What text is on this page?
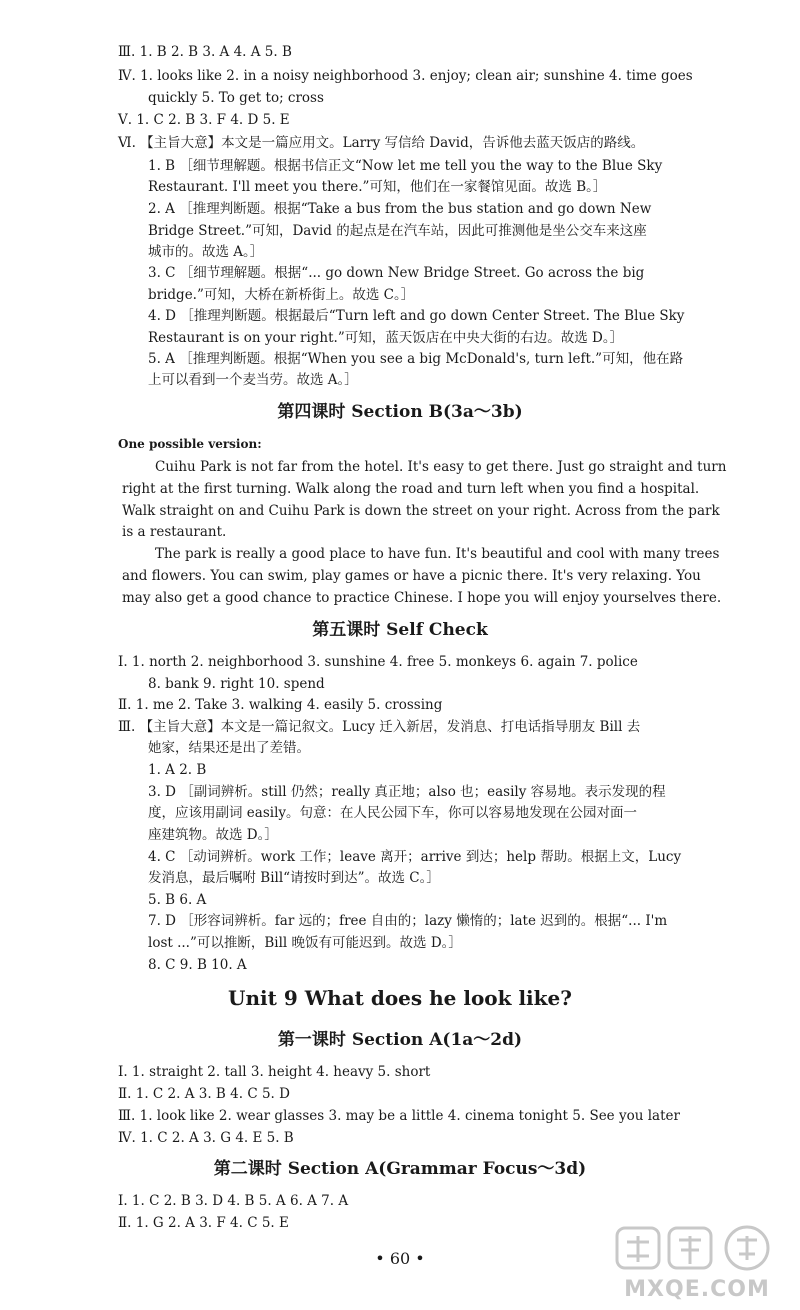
Ⅲ. 1. B 2. B 3. A 4. A 5. B
Ⅳ. 1. looks like 2. in a noisy neighborhood 3. enjoy; clean air; sunshine 4. time goes
quickly 5. To get to; cross
Ⅴ. 1. C 2. B 3. F 4. D 5. E
Ⅵ. 【主旨大意】本文是一篇应用文。Larry 写信给 David，告诉他去蓝天饭店的路线。
1. B ［细节理解题。根据书信正文“Now let me tell you the way to the Blue Sky
Restaurant. I'll meet you there.”可知，他们在一家餐馆见面。故选 B。］
2. A ［推理判断题。根据“Take a bus from the bus station and go down New
Bridge Street.”可知，David 的起点是在汽车站，因此可推测他是坐公交车来这座
城市的。故选 A。］
3. C ［细节理解题。根据“... go down New Bridge Street. Go across the big
bridge.”可知，大桥在新桥街上。故选 C。］
4. D ［推理判断题。根据最后“Turn left and go down Center Street. The Blue Sky
Restaurant is on your right.”可知，蓝天饭店在中央大街的右边。故选 D。］
5. A ［推理判断题。根据“When you see a big McDonald's, turn left.”可知，他在路
上可以看到一个麦当劳。故选 A。］
第四课时 Section B(3a～3b)
One possible version:
Cuihu Park is not far from the hotel. It's easy to get there. Just go straight and turn
right at the first turning. Walk along the road and turn left when you find a hospital.
Walk straight on and Cuihu Park is down the street on your right. Across from the park
is a restaurant.
The park is really a good place to have fun. It's beautiful and cool with many trees
and flowers. You can swim, play games or have a picnic there. It's very relaxing. You
may also get a good chance to practice Chinese. I hope you will enjoy yourselves there.
第五课时 Self Check
Ⅰ. 1. north 2. neighborhood 3. sunshine 4. free 5. monkeys 6. again 7. police
8. bank 9. right 10. spend
Ⅱ. 1. me 2. Take 3. walking 4. easily 5. crossing
Ⅲ. 【主旨大意】本文是一篇记叙文。Lucy 迁入新居，发消息、打电话指导朋友 Bill 去
她家，结果还是出了差错。
1. A 2. B
3. D ［副词辨析。still 仍然；really 真正地；also 也；easily 容易地。表示发现的程
度，应该用副词 easily。句意：在人民公园下车，你可以容易地发现在公园对面一
座建筑物。故选 D。］
4. C ［动词辨析。work 工作；leave 离开；arrive 到达；help 帮助。根据上文，Lucy
发消息，最后嘱咐 Bill“请按时到达”。故选 C。］
5. B 6. A
7. D ［形容词辨析。far 远的；free 自由的；lazy 懒惰的；late 迟到的。根据“... I'm
lost ...”可以推断，Bill 晚饭有可能迟到。故选 D。］
8. C 9. B 10. A
Unit 9 What does he look like?
第一课时 Section A(1a～2d)
Ⅰ. 1. straight 2. tall 3. height 4. heavy 5. short
Ⅱ. 1. C 2. A 3. B 4. C 5. D
Ⅲ. 1. look like 2. wear glasses 3. may be a little 4. cinema tonight 5. See you later
Ⅳ. 1. C 2. A 3. G 4. E 5. B
第二课时 Section A(Grammar Focus～3d)
Ⅰ. 1. C 2. B 3. D 4. B 5. A 6. A 7. A
Ⅱ. 1. G 2. A 3. F 4. C 5. E
• 60 •
MXQE.COM
